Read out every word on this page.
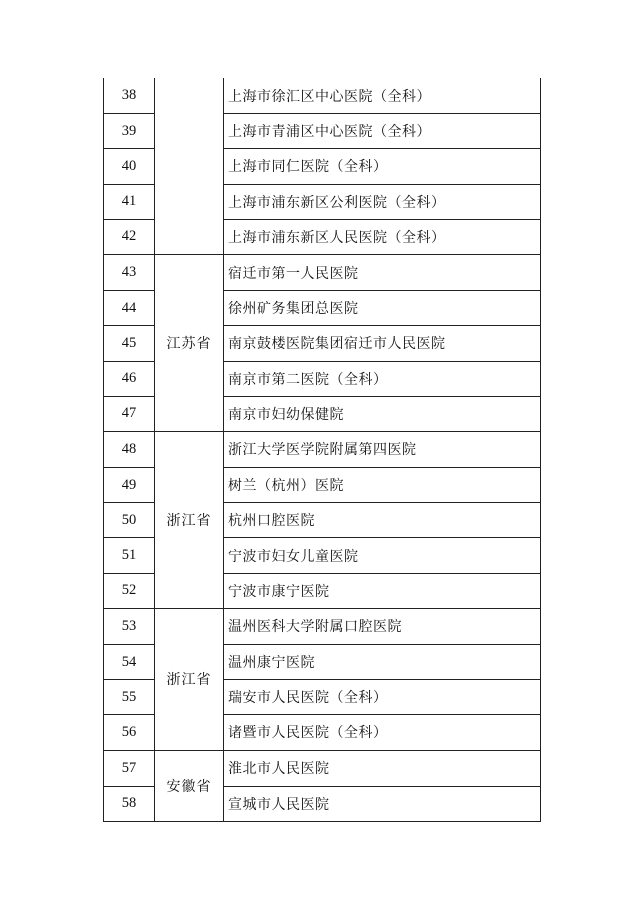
38
39
40
41
42
上海市徐汇区中心医院（全科）
上海市青浦区中心医院（全科）
上海市同仁医院（全科）
上海市浦东新区公利医院（全科）
上海市浦东新区人民医院（全科）
43
44
45
46
47
江苏省
宿迁市第一人民医院
徐州矿务集团总医院
南京鼓楼医院集团宿迁市人民医院
南京市第二医院（全科）
南京市妇幼保健院
48
49
50
51
52
浙江省
浙江大学医学院附属第四医院
树兰（杭州）医院
杭州口腔医院
宁波市妇女儿童医院
宁波市康宁医院
53
54
55
56
浙江省
温州医科大学附属口腔医院
温州康宁医院
瑞安市人民医院（全科）
诸暨市人民医院（全科）
57
58
安徽省
淮北市人民医院
宣城市人民医院
